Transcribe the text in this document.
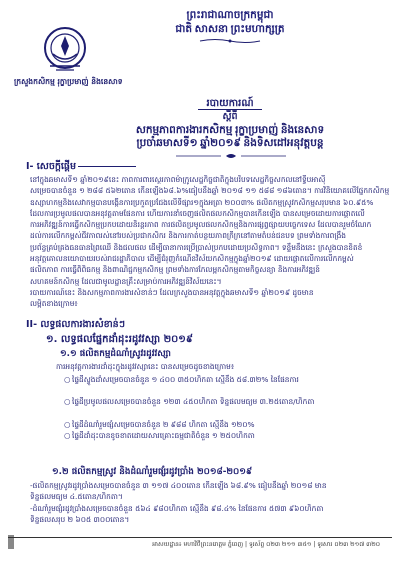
ព្រះរាជាណាចក្រកម្ពុជា
ជាតិ សាសនា ព្រះមហាក្សត្រ
ក្រសួងកសិកម្ម រុក្ខាប្រមាញ់ និងនេសាទ
របាយការណ៍
ស្តីពី
សកម្មភាពការងារកសិកម្ម រុក្ខាប្រមាញ់ និងនេសាទ
ប្រចាំឆមាសទី១ ឆ្នាំ២០១៩ និងទិសដៅអនុវត្តបន្ត
I- សេចក្តីផ្តើម
នៅក្នុងឆមាសទី១ ឆ្នាំ២០១៩នេះ ភាពការពារស្ថេរភាពម៉ាក្រូសេដ្ឋកិច្ចជាតិក្នុងបរិបទសេដ្ឋកិច្ចសកលនៅទ្វីបអាស៊ី
សម្រេចបានចំនួន ១ ២៨៨ ៥៦២តោន កើនឡើង៦៨.៦%ធៀបនឹងឆ្នាំ ២០១៨ ១១ ៥៨៨ ១៨៦តោន។ ការវិនិយោគលើផ្នែកកសិកម្ម
ឧស្សាហកម្មនិងសេវាកម្មបានបង្កើនការប្រកួតប្រជែងលើទីផ្សារ១ក្នុងអត្រា ២០០៣% ផលិតកម្មស្រូវកសិកម្មសរុបមាន ៦០.៩៥%
ដែលការប្រមូលផលបានអនុវត្តតាមផែនការ ហើយការនាំចេញផលិតផលកសិកម្មបានកើនឡើង បានសម្រេចដោយការផ្តោតលើ
ការអភិវឌ្ឍន៍ការធ្វើកសិកម្មប្រកបដោយនិរន្តរភាព ការផលិតប្រមូលផលកសិកម្មនិងការផ្សព្វផ្សាយបច្ចេកទេស ដែលបានរួមចំណែក
ដល់ការលើកកម្ពស់ជីវភាពរស់នៅរបស់ប្រជាកសិករ និងការកាត់បន្ថយភាពក្រីក្រនៅតាមតំបន់ជនបទ ព្រមទាំងការពង្រឹង
ប្រព័ន្ធគ្រប់គ្រងធនធានព្រៃឈើ និងជលផល ដើម្បីធានាការប្រើប្រាស់ប្រកបដោយប្រសិទ្ធភាព។ ទន្ទឹមនឹងនេះ ក្រសួងបានខិតខំ
អនុវត្តគោលនយោបាយរបស់រាជរដ្ឋាភិបាល ដើម្បីជំរុញកំណើនវិស័យកសិកម្មក្នុងឆ្នាំ២០១៩ ដោយផ្តោតលើការលើកកម្ពស់
ផលិតភាព ការធ្វើពិពិធកម្ម និងពាណិជ្ជកម្មកសិកម្ម ព្រមទាំងការកែលម្អកសិកម្មតាមកិច្ចសន្យា និងការអភិវឌ្ឍន៍
សហគមន៍កសិកម្ម ដែលជាមូលដ្ឋានគ្រឹះសម្រាប់ការអភិវឌ្ឍន៍វិស័យនេះ។
របាយការណ៍នេះ និងសកម្មភាពការងារសំខាន់ៗ ដែលក្រសួងបានអនុវត្តក្នុងឆមាសទី១ ឆ្នាំ២០១៩ ដូចមាន
លម្អិតខាងក្រោម៖
II- លទ្ធផលការងារសំខាន់ៗ
១. លទ្ធផលផ្នែកដាំដុះរដូវវស្សា ២០១៩
១.១ ផលិតកម្មដំណាំស្រូវរដូវវស្សា
ការអនុវត្តការងារដាំដុះក្នុងរដូវវស្សានេះ បានសម្រេចដូចខាងក្រោម៖
○ ផ្ទៃដីស្ទូងដាំសម្រេចបានចំនួន ១ ៤០០ ៣៥០ហិកតា ស្មើនឹង ៥៨.៣២% នៃផែនការ
○ ផ្ទៃដីប្រមូលផលសម្រេចបានចំនួន ១២៣ ៤៥០ហិកតា ទិន្នផលមធ្យម ៣.២៥តោន/ហិកតា
○ ផ្ទៃដីដំណាំរួមផ្សំសម្រេចបានចំនួន ២ ៩៨៨ ហិកតា ស្មើនឹង ១២០%
○ ផ្ទៃដីដាំដុះបានខូចខាតដោយសារគ្រោះធម្មជាតិចំនួន ១ ២៥០ហិកតា
១.២ ផលិតកម្មស្រូវ និងដំណាំរួមផ្សំរដូវប្រាំង ២០១៨-២០១៩
-ផលិតកម្មស្រូវរដូវប្រាំងសម្រេចបានចំនួន ៣ ១១៧ ៤០០តោន កើនឡើង ៦៨.៩% ធៀបនឹងឆ្នាំ ២០១៨ មាន
ទិន្នផលមធ្យម ៤.៥តោន/ហិកតា។
-ដំណាំរួមផ្សំរដូវប្រាំងសម្រេចបានចំនួន ៥៦៤ ៩៨០ហិកតា ស្មើនឹង ៩៨.៤% នៃផែនការ ៥៧៣ ៩៦០ហិកតា
ទិន្នផលសរុប ២ ៦០៥ ៣០០តោន។
អាសយដ្ឋាន៖ មហាវិថីព្រះនរោត្តម ភ្នំពេញ | ទូរស័ព្ទ ០២៣ ២១១ ៣៥១ | ទូរសារ ០២៣ ២១៧ ៣២០
